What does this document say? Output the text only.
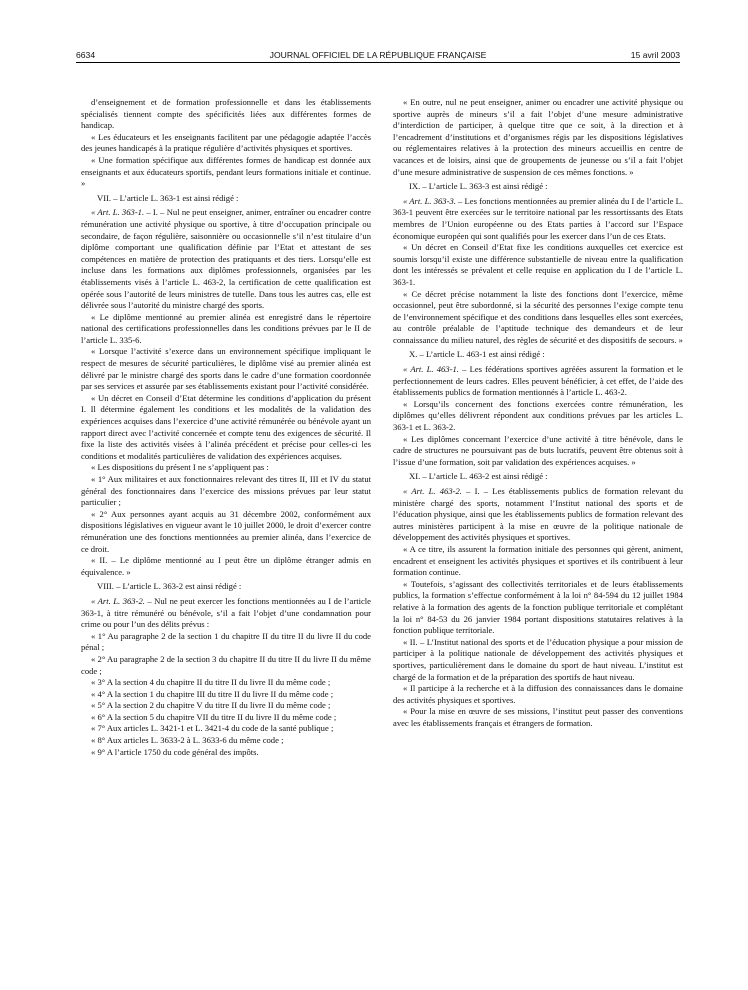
6634	JOURNAL OFFICIEL DE LA RÉPUBLIQUE FRANÇAISE	15 avril 2003

d’enseignement et de formation professionnelle et dans les établissements spécialisés tiennent compte des spécificités liées aux différentes formes de handicap.

« Les éducateurs et les enseignants facilitent par une pédagogie adaptée l’accès des jeunes handicapés à la pratique régulière d’activités physiques et sportives.

« Une formation spécifique aux différentes formes de handicap est donnée aux enseignants et aux éducateurs sportifs, pendant leurs formations initiale et continue. »

VII. – L’article L. 363-1 est ainsi rédigé :

« Art. L. 363-1. – I. – Nul ne peut enseigner, animer, entraîner ou encadrer contre rémunération une activité physique ou sportive, à titre d’occupation principale ou secondaire, de façon régulière, saisonnière ou occasionnelle s’il n’est titulaire d’un diplôme comportant une qualification définie par l’Etat et attestant de ses compétences en matière de protection des pratiquants et des tiers. Lorsqu’elle est incluse dans les formations aux diplômes professionnels, organisées par les établissements visés à l’article L. 463-2, la certification de cette qualification est opérée sous l’autorité de leurs ministres de tutelle. Dans tous les autres cas, elle est délivrée sous l’autorité du ministre chargé des sports.

« Le diplôme mentionné au premier alinéa est enregistré dans le répertoire national des certifications professionnelles dans les conditions prévues par le II de l’article L. 335-6.

« Lorsque l’activité s’exerce dans un environnement spécifique impliquant le respect de mesures de sécurité particulières, le diplôme visé au premier alinéa est délivré par le ministre chargé des sports dans le cadre d’une formation coordonnée par ses services et assurée par ses établissements existant pour l’activité considérée.

« Un décret en Conseil d’Etat détermine les conditions d’application du présent I. Il détermine également les conditions et les modalités de la validation des expériences acquises dans l’exercice d’une activité rémunérée ou bénévole ayant un rapport direct avec l’activité concernée et compte tenu des exigences de sécurité. Il fixe la liste des activités visées à l’alinéa précédent et précise pour celles-ci les conditions et modalités particulières de validation des expériences acquises.

« Les dispositions du présent I ne s’appliquent pas :

« 1° Aux militaires et aux fonctionnaires relevant des titres II, III et IV du statut général des fonctionnaires dans l’exercice des missions prévues par leur statut particulier ;

« 2° Aux personnes ayant acquis au 31 décembre 2002, conformément aux dispositions législatives en vigueur avant le 10 juillet 2000, le droit d’exercer contre rémunération une des fonctions mentionnées au premier alinéa, dans l’exercice de ce droit.

« II. – Le diplôme mentionné au I peut être un diplôme étranger admis en équivalence. »

VIII. – L’article L. 363-2 est ainsi rédigé :

« Art. L. 363-2. – Nul ne peut exercer les fonctions mentionnées au I de l’article 363-1, à titre rémunéré ou bénévole, s’il a fait l’objet d’une condamnation pour crime ou pour l’un des délits prévus :

« 1° Au paragraphe 2 de la section 1 du chapitre II du titre II du livre II du code pénal ;

« 2° Au paragraphe 2 de la section 3 du chapitre II du titre II du livre II du même code ;

« 3° A la section 4 du chapitre II du titre II du livre II du même code ;

« 4° A la section 1 du chapitre III du titre II du livre II du même code ;

« 5° A la section 2 du chapitre V du titre II du livre II du même code ;

« 6° A la section 5 du chapitre VII du titre II du livre II du même code ;

« 7° Aux articles L. 3421-1 et L. 3421-4 du code de la santé publique ;

« 8° Aux articles L. 3633-2 à L. 3633-6 du même code ;

« 9° A l’article 1750 du code général des impôts.

« En outre, nul ne peut enseigner, animer ou encadrer une activité physique ou sportive auprès de mineurs s’il a fait l’objet d’une mesure administrative d’interdiction de participer, à quelque titre que ce soit, à la direction et à l’encadrement d’institutions et d’organismes régis par les dispositions législatives ou réglementaires relatives à la protection des mineurs accueillis en centre de vacances et de loisirs, ainsi que de groupements de jeunesse ou s’il a fait l’objet d’une mesure administrative de suspension de ces mêmes fonctions. »

IX. – L’article L. 363-3 est ainsi rédigé :

« Art. L. 363-3. – Les fonctions mentionnées au premier alinéa du I de l’article L. 363-1 peuvent être exercées sur le territoire national par les ressortissants des Etats membres de l’Union européenne ou des Etats parties à l’accord sur l’Espace économique européen qui sont qualifiés pour les exercer dans l’un de ces Etats.

« Un décret en Conseil d’Etat fixe les conditions auxquelles cet exercice est soumis lorsqu’il existe une différence substantielle de niveau entre la qualification dont les intéressés se prévalent et celle requise en application du I de l’article L. 363-1.

« Ce décret précise notamment la liste des fonctions dont l’exercice, même occasionnel, peut être subordonné, si la sécurité des personnes l’exige compte tenu de l’environnement spécifique et des conditions dans lesquelles elles sont exercées, au contrôle préalable de l’aptitude technique des demandeurs et de leur connaissance du milieu naturel, des règles de sécurité et des dispositifs de secours. »

X. – L’article L. 463-1 est ainsi rédigé :

« Art. L. 463-1. – Les fédérations sportives agréées assurent la formation et le perfectionnement de leurs cadres. Elles peuvent bénéficier, à cet effet, de l’aide des établissements publics de formation mentionnés à l’article L. 463-2.

« Lorsqu’ils concernent des fonctions exercées contre rémunération, les diplômes qu’elles délivrent répondent aux conditions prévues par les articles L. 363-1 et L. 363-2.

« Les diplômes concernant l’exercice d’une activité à titre bénévole, dans le cadre de structures ne poursuivant pas de buts lucratifs, peuvent être obtenus soit à l’issue d’une formation, soit par validation des expériences acquises. »

XI. – L’article L. 463-2 est ainsi rédigé :

« Art. L. 463-2. – I. – Les établissements publics de formation relevant du ministère chargé des sports, notamment l’Institut national des sports et de l’éducation physique, ainsi que les établissements publics de formation relevant des autres ministères participent à la mise en œuvre de la politique nationale de développement des activités physiques et sportives.

« A ce titre, ils assurent la formation initiale des personnes qui gèrent, animent, encadrent et enseignent les activités physiques et sportives et ils contribuent à leur formation continue.

« Toutefois, s’agissant des collectivités territoriales et de leurs établissements publics, la formation s’effectue conformément à la loi n° 84-594 du 12 juillet 1984 relative à la formation des agents de la fonction publique territoriale et complétant la loi n° 84-53 du 26 janvier 1984 portant dispositions statutaires relatives à la fonction publique territoriale.

« II. – L’Institut national des sports et de l’éducation physique a pour mission de participer à la politique nationale de développement des activités physiques et sportives, particulièrement dans le domaine du sport de haut niveau. L’institut est chargé de la formation et de la préparation des sportifs de haut niveau.

« Il participe à la recherche et à la diffusion des connaissances dans le domaine des activités physiques et sportives.

« Pour la mise en œuvre de ses missions, l’institut peut passer des conventions avec les établissements français et étrangers de formation.
